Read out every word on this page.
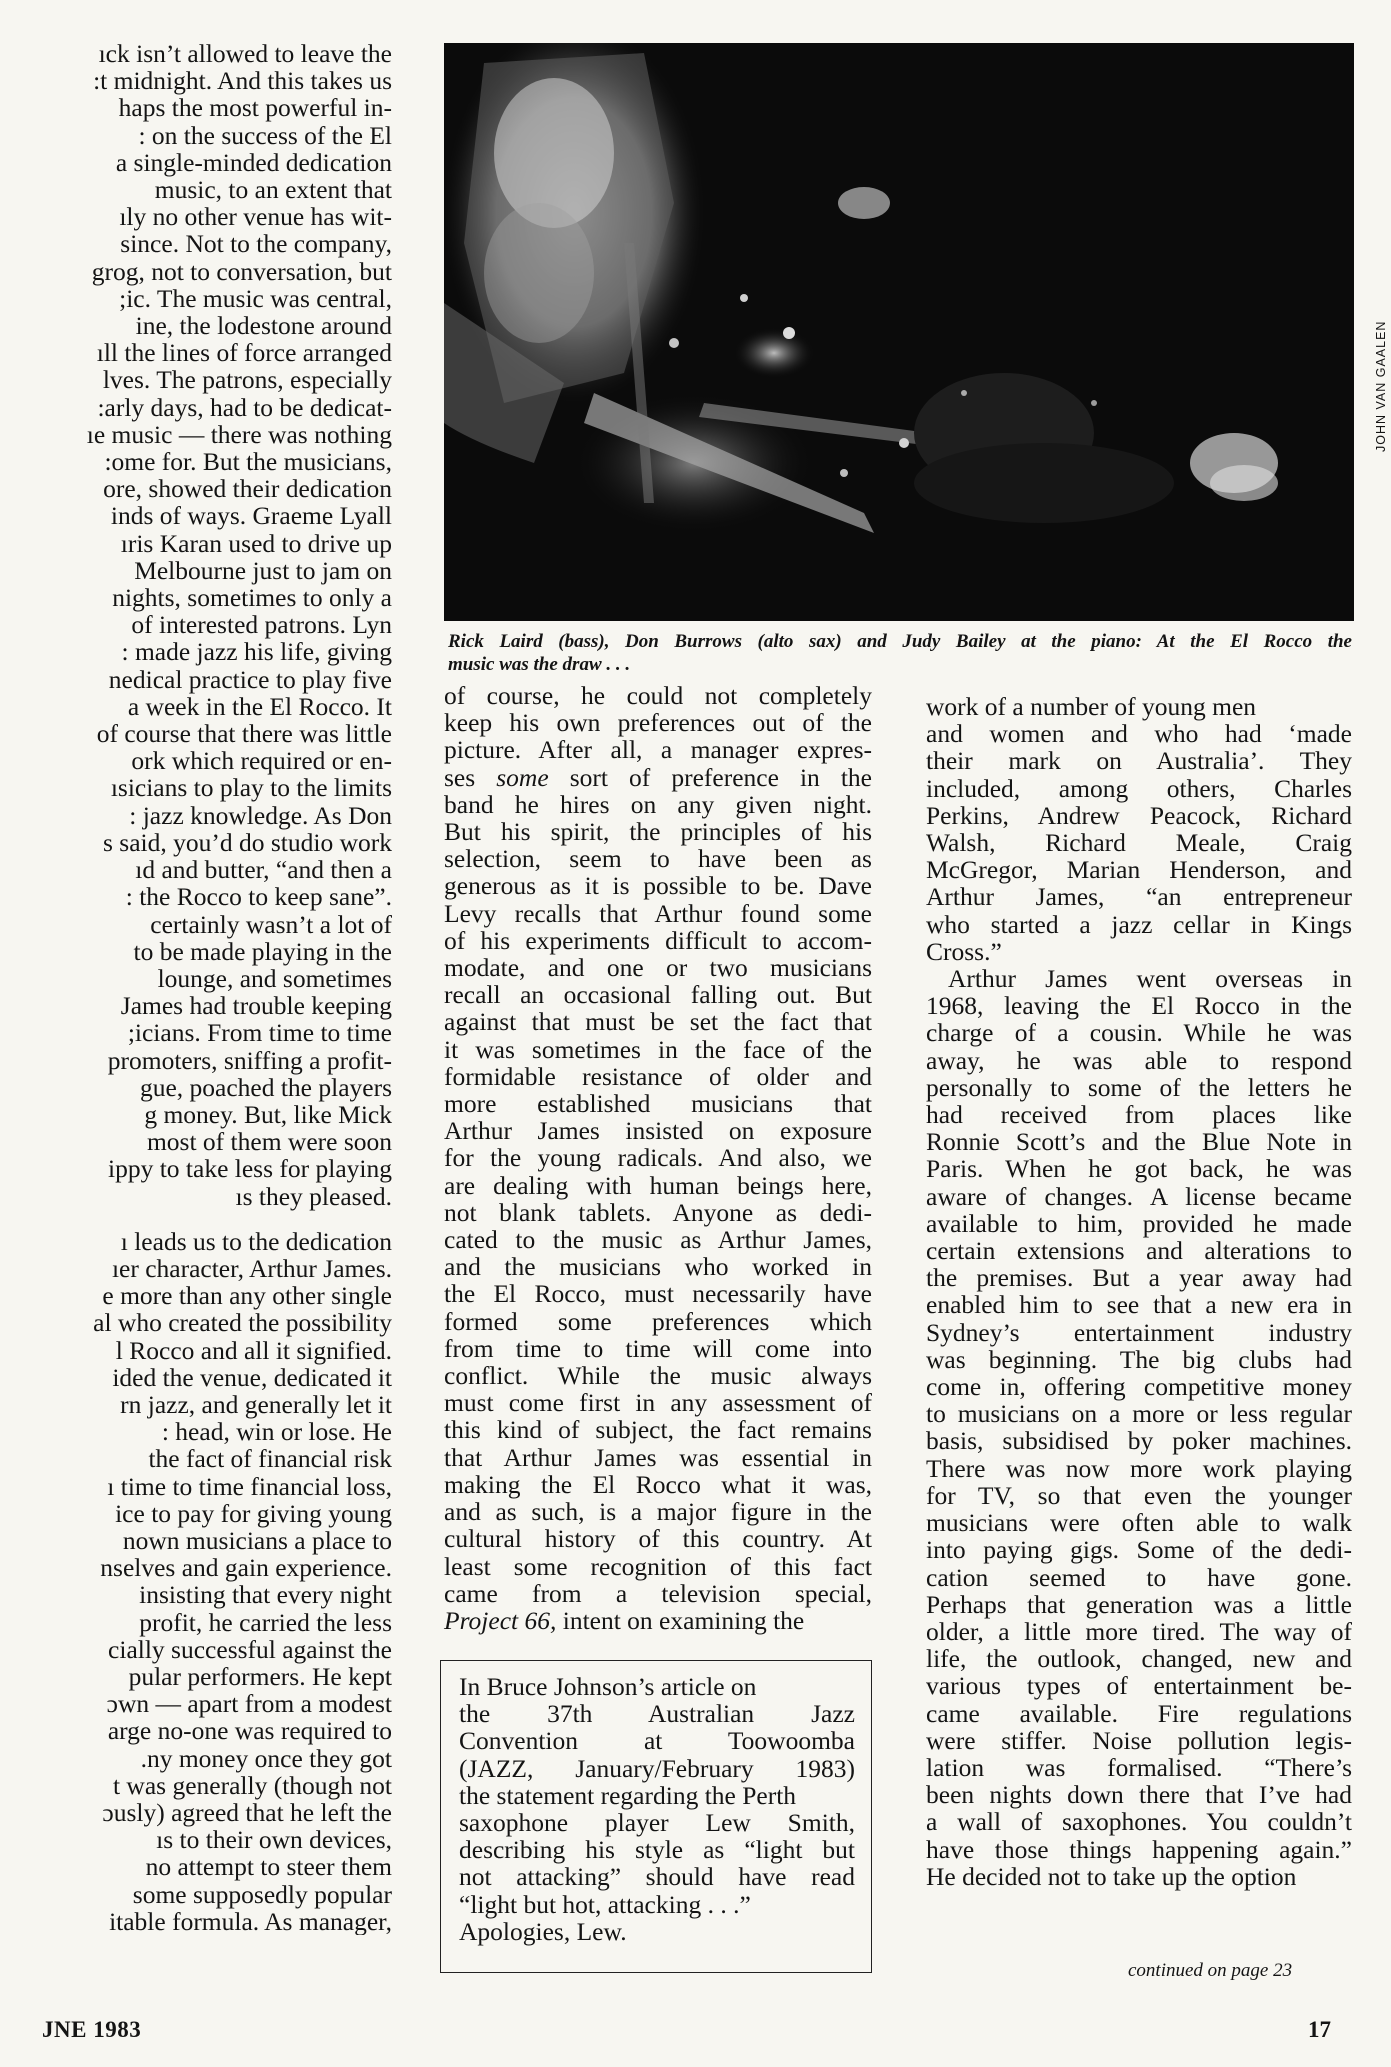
JOHN VAN GAALEN

Rick Laird (bass), Don Burrows (alto sax) and Judy Bailey at the piano: At the El Rocco the

music was the draw . . .

ıck isn’t allowed to leave the

:t midnight. And this takes us

haps the most powerful in-

: on the success of the El

a single-minded dedication

music, to an extent that

ıly no other venue has wit-

since. Not to the company,

grog, not to conversation, but

;ic. The music was central,

ine, the lodestone around

ıll the lines of force arranged

lves. The patrons, especially

:arly days, had to be dedicat-

ıe music — there was nothing

:ome for. But the musicians,

ore, showed their dedication

inds of ways. Graeme Lyall

ıris Karan used to drive up

Melbourne just to jam on

nights, sometimes to only a

of interested patrons. Lyn

: made jazz his life, giving

nedical practice to play five

a week in the El Rocco. It

of course that there was little

ork which required or en-

ısicians to play to the limits

: jazz knowledge. As Don

s said, you’d do studio work

ıd and butter, “and then a

: the Rocco to keep sane”.

certainly wasn’t a lot of

to be made playing in the

lounge, and sometimes

James had trouble keeping

;icians. From time to time

promoters, sniffing a profit-

gue, poached the players

g money. But, like Mick

most of them were soon

ippy to take less for playing

ıs they pleased.

ı leads us to the dedication

ıer character, Arthur James.

e more than any other single

al who created the possibility

l Rocco and all it signified.

ided the venue, dedicated it

rn jazz, and generally let it

: head, win or lose. He

the fact of financial risk

ı time to time financial loss,

ice to pay for giving young

nown musicians a place to

nselves and gain experience.

insisting that every night

profit, he carried the less

cially successful against the

pular performers. He kept

ɔwn — apart from a modest

arge no-one was required to

.ny money once they got

t was generally (though not

ɔusly) agreed that he left the

ıs to their own devices,

no attempt to steer them

some supposedly popular

itable formula. As manager,

of course, he could not completely

keep his own preferences out of the

picture. After all, a manager expres-

ses some sort of preference in the

band he hires on any given night.

But his spirit, the principles of his

selection, seem to have been as

generous as it is possible to be. Dave

Levy recalls that Arthur found some

of his experiments difficult to accom-

modate, and one or two musicians

recall an occasional falling out. But

against that must be set the fact that

it was sometimes in the face of the

formidable resistance of older and

more established musicians that

Arthur James insisted on exposure

for the young radicals. And also, we

are dealing with human beings here,

not blank tablets. Anyone as dedi-

cated to the music as Arthur James,

and the musicians who worked in

the El Rocco, must necessarily have

formed some preferences which

from time to time will come into

conflict. While the music always

must come first in any assessment of

this kind of subject, the fact remains

that Arthur James was essential in

making the El Rocco what it was,

and as such, is a major figure in the

cultural history of this country. At

least some recognition of this fact

came from a television special,

Project 66, intent on examining the

In Bruce Johnson’s article on

the 37th Australian Jazz

Convention at Toowoomba

(JAZZ, January/February 1983)

the statement regarding the Perth

saxophone player Lew Smith,

describing his style as “light but

not attacking” should have read

“light but hot, attacking . . .”

Apologies, Lew.

work of a number of young men

and women and who had ‘made

their mark on Australia’. They

included, among others, Charles

Perkins, Andrew Peacock, Richard

Walsh, Richard Meale, Craig

McGregor, Marian Henderson, and

Arthur James, “an entrepreneur

who started a jazz cellar in Kings

Cross.”

Arthur James went overseas in

1968, leaving the El Rocco in the

charge of a cousin. While he was

away, he was able to respond

personally to some of the letters he

had received from places like

Ronnie Scott’s and the Blue Note in

Paris. When he got back, he was

aware of changes. A license became

available to him, provided he made

certain extensions and alterations to

the premises. But a year away had

enabled him to see that a new era in

Sydney’s entertainment industry

was beginning. The big clubs had

come in, offering competitive money

to musicians on a more or less regular

basis, subsidised by poker machines.

There was now more work playing

for TV, so that even the younger

musicians were often able to walk

into paying gigs. Some of the dedi-

cation seemed to have gone.

Perhaps that generation was a little

older, a little more tired. The way of

life, the outlook, changed, new and

various types of entertainment be-

came available. Fire regulations

were stiffer. Noise pollution legis-

lation was formalised. “There’s

been nights down there that I’ve had

a wall of saxophones. You couldn’t

have those things happening again.”

He decided not to take up the option

continued on page 23
JNE 1983	17
